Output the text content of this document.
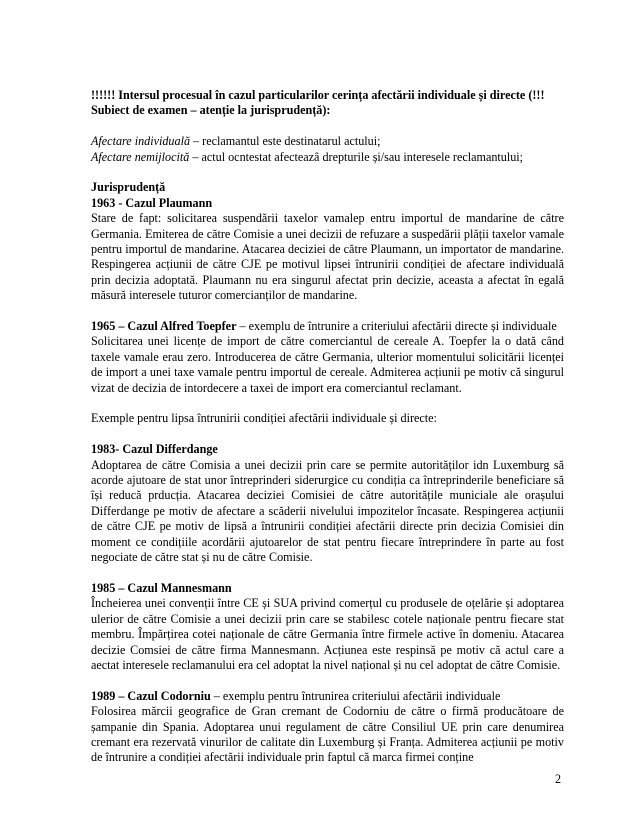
!!!!!! Intersul procesual în cazul particularilor cerința afectării individuale și directe (!!!
Subiect de examen – atenție la jurisprudență):

Afectare individuală – reclamantul este destinatarul actului;
Afectare nemijlocită – actul ocntestat afecteazâ drepturile și/sau interesele reclamantului;

Jurisprudență

1963 - Cazul Plaumann

Stare de fapt: solicitarea suspendării taxelor vamalep entru importul de mandarine de către Germania. Emiterea de către Comisie a unei decizii de refuzare a suspedării plății taxelor vamale pentru importul de mandarine. Atacarea deciziei de către Plaumann, un importator de mandarine. Respingerea acțiunii de către CJE pe motivul lipsei întrunirii condiției de afectare individuală prin decizia adoptată. Plaumann nu era singurul afectat prin decizie, aceasta a afectat în egală măsură interesele tuturor comercianților de mandarine.

1965 – Cazul Alfred Toepfer – exemplu de întrunire a criteriului afectării directe și individuale

Solicitarea unei licențe de import de către comerciantul de cereale A. Toepfer la o dată când taxele vamale erau zero. Introducerea de către Germania, ulterior momentului solicitării licenței de import a unei taxe vamale pentru importul de cereale. Admiterea acțiunii pe motiv că singurul vizat de decizia de intordecere a taxei de import era comerciantul reclamant.

Exemple pentru lipsa întrunirii condiției afectării individuale și directe:

1983- Cazul Differdange

Adoptarea de către Comisia a unei decizii prin care se permite autorităților idn Luxemburg să acorde ajutoare de stat unor întreprinderi siderurgice cu condiția ca întreprinderile beneficiare să își reducă prducția. Atacarea deciziei Comisiei de către autoritățile municiale ale orașului Differdange pe motiv de afectare a scăderii nivelului impozitelor încasate. Respingerea acțiunii de către CJE pe motiv de lipsă a întrunirii condiției afectării directe prin decizia Comisiei din moment ce condițiile acordării ajutoarelor de stat pentru fiecare întreprindere în parte au fost negociate de către stat și nu de către Comisie.

1985 – Cazul Mannesmann

Încheierea unei convenții între CE și SUA privind comerțul cu produsele de oțelărie și adoptarea ulerior de către Comisie a unei decizii prin care se stabilesc cotele naționale pentru fiecare stat membru. Împărțirea cotei naționale de către Germania între firmele active în domeniu. Atacarea decizie Comsiei de către firma Mannesmann. Acțiunea este respinsă pe motiv că actul care a aectat interesele reclamanului era cel adoptat la nivel național și nu cel adoptat de către Comisie.

1989 – Cazul Codorniu – exemplu pentru întrunirea criteriului afectării individuale

Folosirea mărcii geografice de Gran cremant de Codorniu de către o firmă producătoare de șampanie din Spania. Adoptarea unui regulament de către Consiliul UE prin care denumirea cremant era rezervată vinurilor de calitate din Luxemburg și Franța. Admiterea acțiunii pe motiv de întrunire a condiției afectării individuale prin faptul că marca firmei conține

2
